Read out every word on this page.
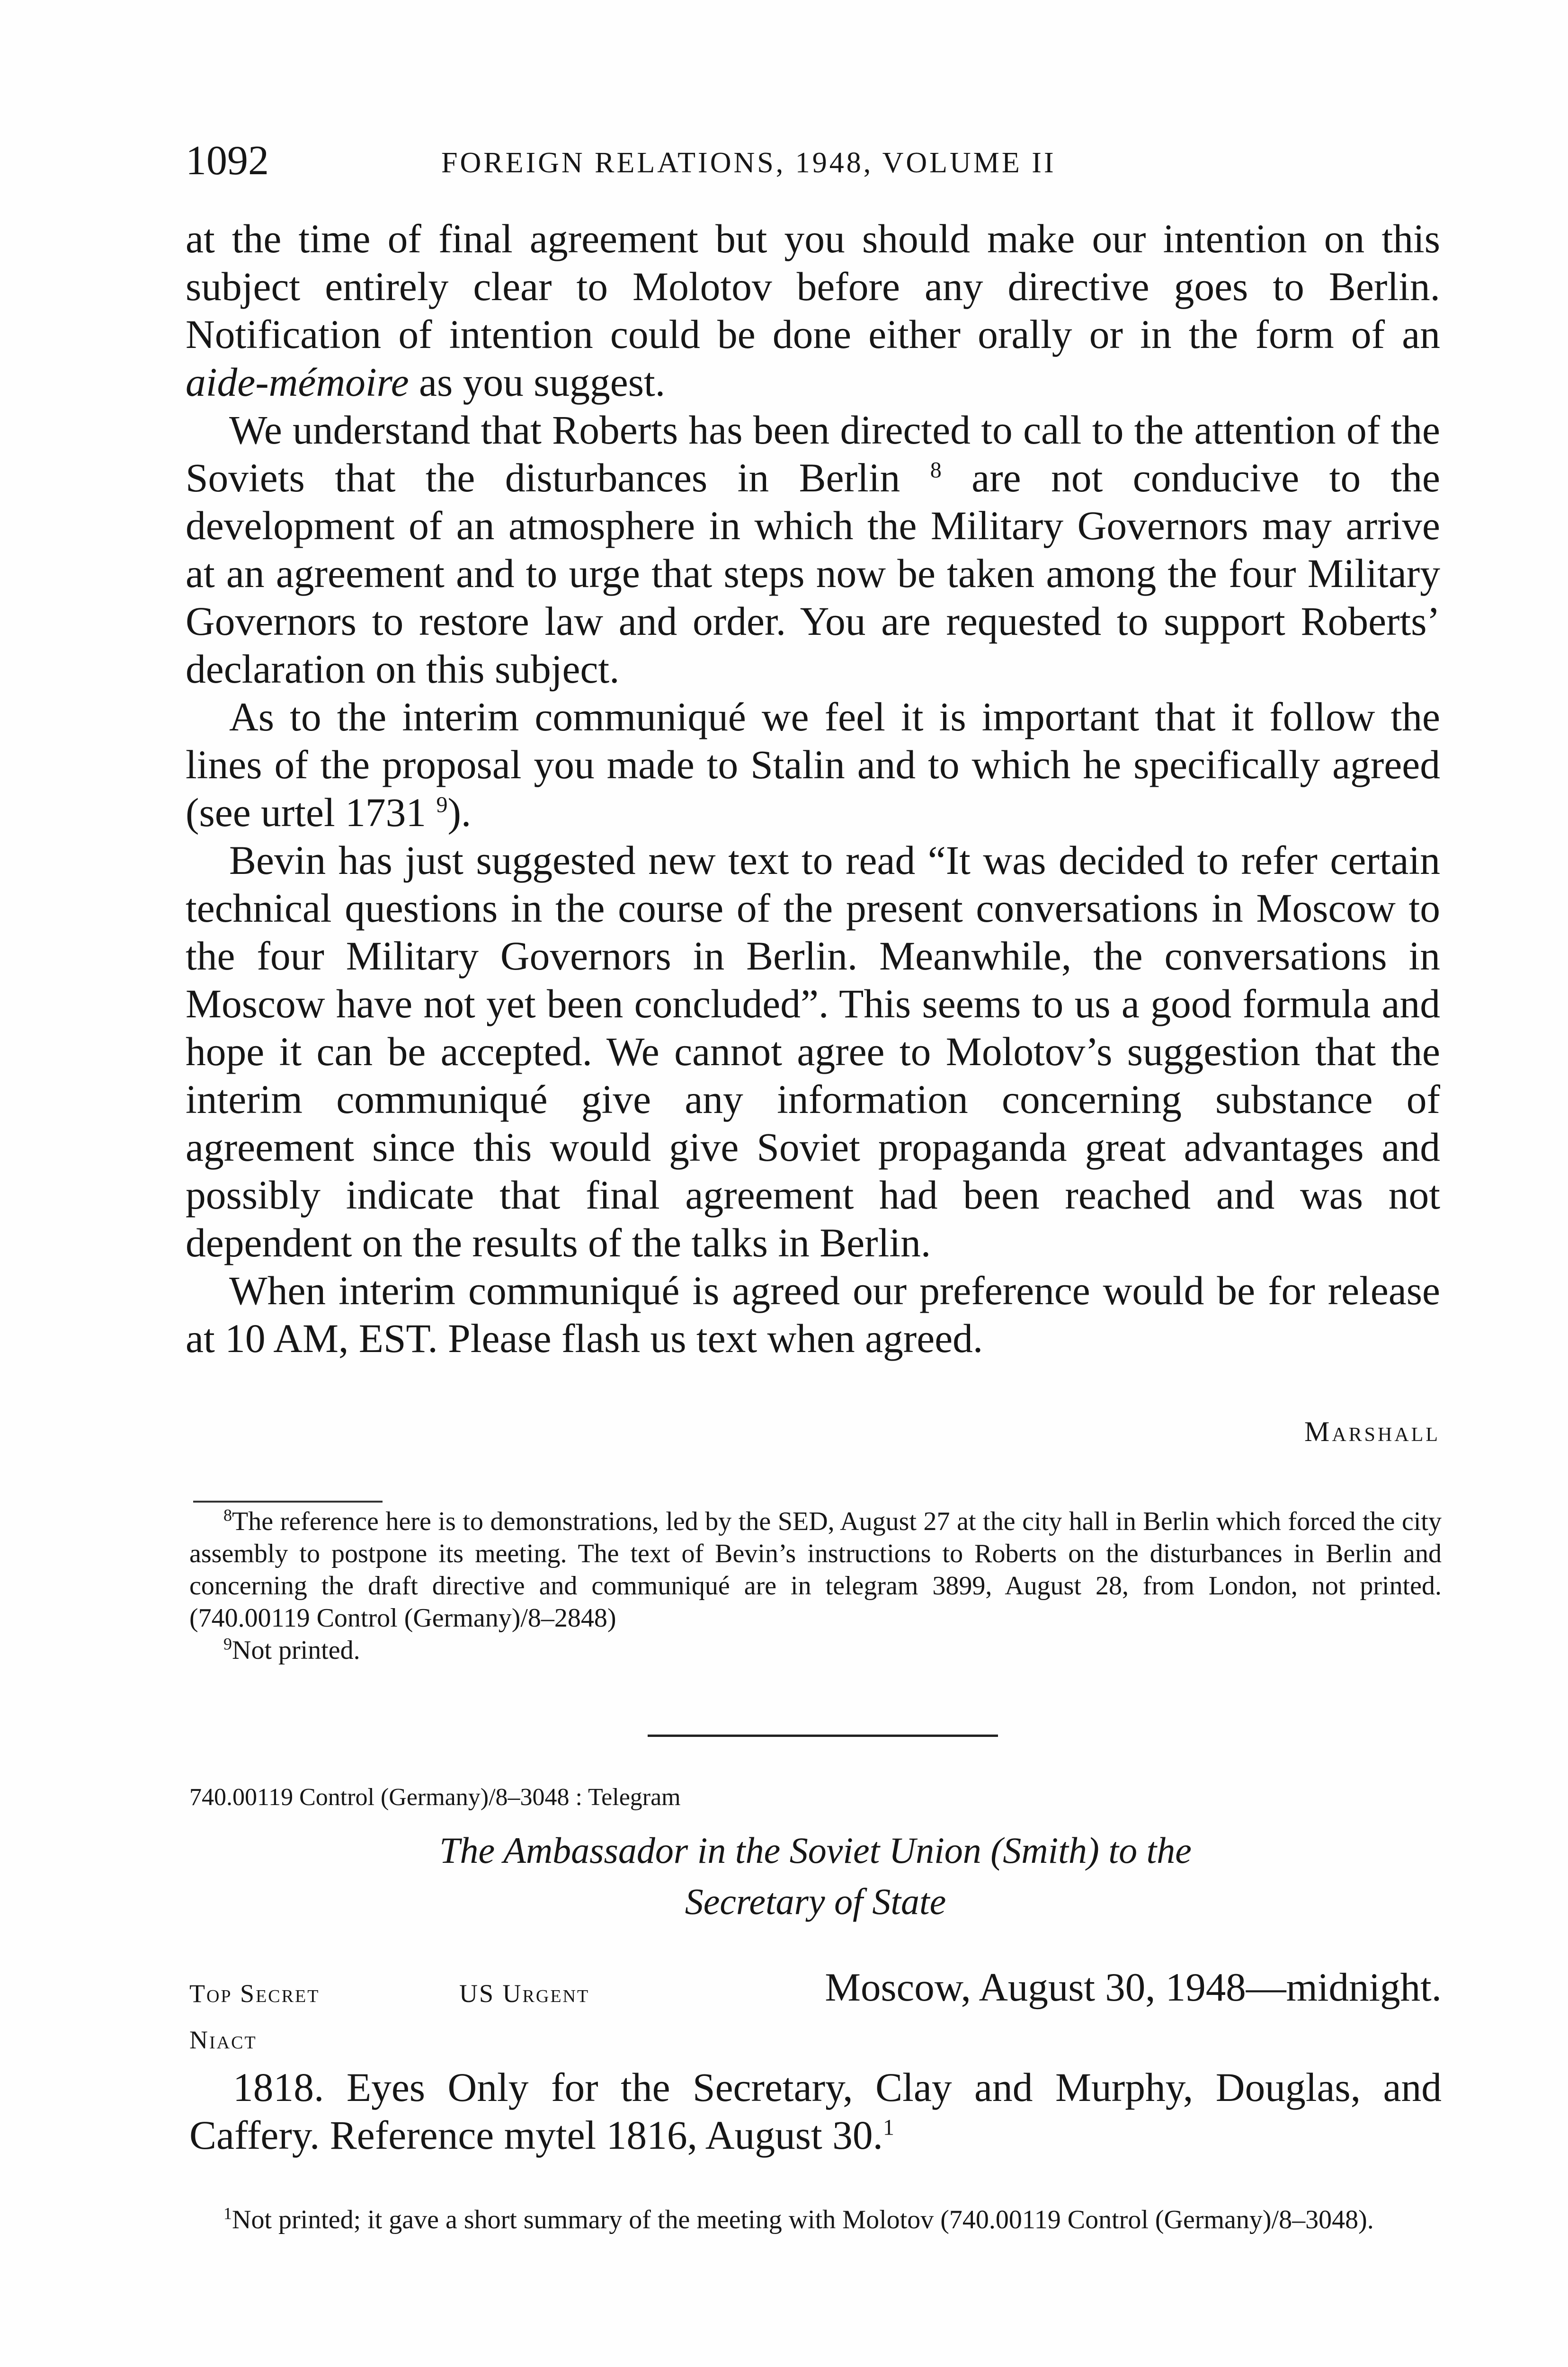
1092	FOREIGN RELATIONS, 1948, VOLUME II

at the time of final agreement but you should make our intention on this subject entirely clear to Molotov before any directive goes to Berlin. Notification of intention could be done either orally or in the form of an aide-mémoire as you suggest.

We understand that Roberts has been directed to call to the attention of the Soviets that the disturbances in Berlin $^8$ are not conducive to the development of an atmosphere in which the Military Governors may arrive at an agreement and to urge that steps now be taken among the four Military Governors to restore law and order. You are requested to support Roberts’ declaration on this subject.

As to the interim communiqué we feel it is important that it follow the lines of the proposal you made to Stalin and to which he specifically agreed (see urtel 1731 $^9$).

Bevin has just suggested new text to read “It was decided to refer certain technical questions in the course of the present conversations in Moscow to the four Military Governors in Berlin. Meanwhile, the conversations in Moscow have not yet been concluded”. This seems to us a good formula and hope it can be accepted. We cannot agree to Molotov’s suggestion that the interim communiqué give any information concerning substance of agreement since this would give Soviet propaganda great advantages and possibly indicate that final agreement had been reached and was not dependent on the results of the talks in Berlin.

When interim communiqué is agreed our preference would be for release at 10 AM, EST. Please flash us text when agreed.

Marshall

$^8$The reference here is to demonstrations, led by the SED, August 27 at the city hall in Berlin which forced the city assembly to postpone its meeting. The text of Bevin’s instructions to Roberts on the disturbances in Berlin and concerning the draft directive and communiqué are in telegram 3899, August 28, from London, not printed. (740.00119 Control (Germany)/8–2848)

$^9$Not printed.

740.00119 Control (Germany)/8–3048 : Telegram
The Ambassador in the Soviet Union (Smith) to the
Secretary of State
Top Secret	US Urgent	Moscow, August 30, 1948—midnight.
Niact

1818. Eyes Only for the Secretary, Clay and Murphy, Douglas, and Caffery. Reference mytel 1816, August 30.$^1$

$^1$Not printed; it gave a short summary of the meeting with Molotov (740.00119 Control (Germany)/8–3048).
